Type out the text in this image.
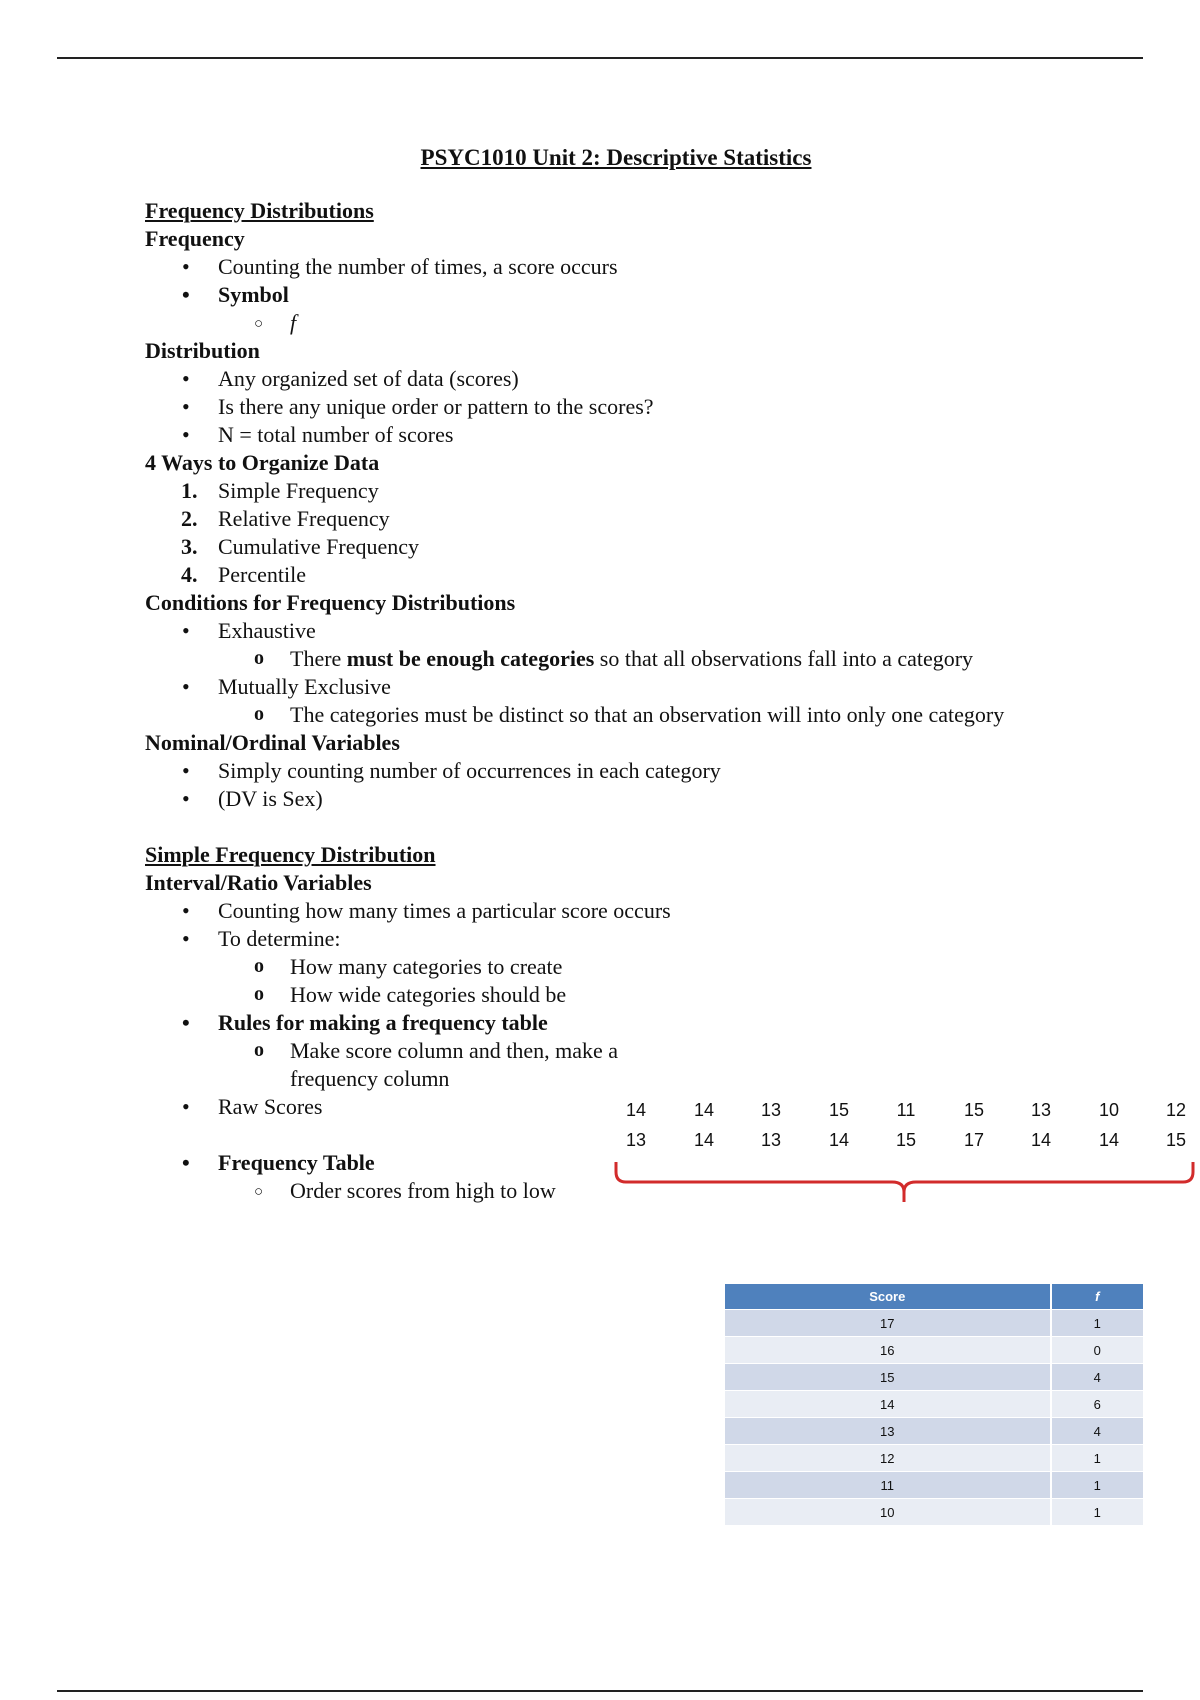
PSYC1010 Unit 2: Descriptive Statistics
Frequency Distributions
Frequency
• Counting the number of times, a score occurs
• Symbol
○ f
Distribution
• Any organized set of data (scores)
• Is there any unique order or pattern to the scores?
• N = total number of scores
4 Ways to Organize Data
1. Simple Frequency
2. Relative Frequency
3. Cumulative Frequency
4. Percentile
Conditions for Frequency Distributions
• Exhaustive
o There must be enough categories so that all observations fall into a category
• Mutually Exclusive
o The categories must be distinct so that an observation will into only one category
Nominal/Ordinal Variables
• Simply counting number of occurrences in each category
• (DV is Sex)
Simple Frequency Distribution
Interval/Ratio Variables
• Counting how many times a particular score occurs
• To determine:
o How many categories to create
o How wide categories should be
• Rules for making a frequency table
o Make score column and then, make a
frequency column
• Raw Scores
• Frequency Table
○ Order scores from high to low
14	14	13	15	11	15	13	10	12
13	14	13	14	15	17	14	14	15
Score	f
17	1
16	0
15	4
14	6
13	4
12	1
11	1
10	1
